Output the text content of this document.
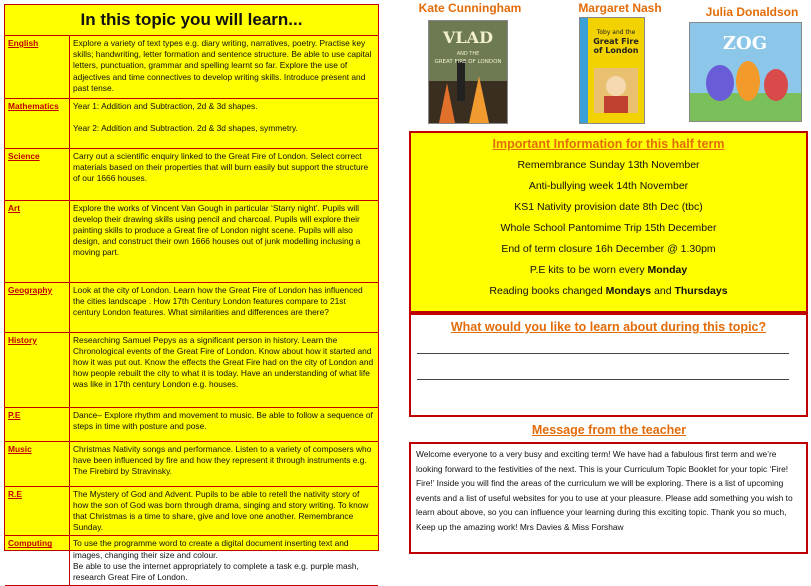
In this topic you will learn...
English	Explore a variety of text types e.g. diary writing, narratives, poetry. Practise key skills; handwriting, letter formation and sentence structure. Be able to use capital letters, punctuation, grammar and spelling learnt so far. Explore the use of adjectives and time connectives to develop writing skills. Introduce present and past tense.

Mathematics	Year 1: Addition and Subtraction, 2d & 3d shapes.
Year 2: Addition and Subtraction. 2d & 3d shapes, symmetry.

Science	Carry out a scientific enquiry linked to the Great Fire of London. Select correct materials based on their properties that will burn easily but support the structure of our 1666 houses.

Art	Explore the works of Vincent Van Gough in particular ‘Starry night’. Pupils will develop their drawing skills using pencil and charcoal. Pupils will explore their painting skills to produce a Great fire of London night scene. Pupils will also design, and construct their own 1666 houses out of junk modelling inclusing a moving part.

Geography	Look at the city of London. Learn how the Great Fire of London has influenced the cities landscape . How 17th Century London features compare to 21st century London features. What similarities and differences are there?

History	Researching Samuel Pepys as a significant person in history. Learn the Chronological events of the Great Fire of London. Know about how it started and how it was put out. Know the effects the Great Fire had on the city of London and how people rebuilt the city to what it is today. Have an understanding of what life was like in 17th century London e.g. houses.

P.E	Dance– Explore rhythm and movement to music. Be able to follow a sequence of steps in time with posture and pose.

Music	Christmas Nativity songs and performance. Listen to a variety of composers who have been influenced by fire and how they represent it through instruments e.g. The Firebird by Stravinsky.

R.E	The Mystery of God and Advent. Pupils to be able to retell the nativity story of how the son of God was born through drama, singing and story writing. To know that Christmas is a time to share, give and love one another. Remembrance Sunday.

Computing	To use the programme word to create a digital document inserting text and images, changing their size and colour.
Be able to use the internet appropriately to complete a task e.g. purple mash, research Great Fire of London.
Kate Cunningham	Margaret Nash	Julia Donaldson
VLAD
AND THE
GREAT FIRE OF LONDON
Toby and the
Great Fire
of London	ZOG
Important Information for this half term
Remembrance Sunday 13th November
Anti-bullying week 14th November
KS1 Nativity provision date 8th Dec (tbc)
Whole School Pantomime Trip 15th December
End of term closure 16h December @ 1.30pm
P.E kits to be worn every Monday
Reading books changed Mondays and Thursdays
What would you like to learn about during this topic?
Message from the teacher
Welcome everyone to a very busy and exciting term! We have had a fabulous first term and we’re looking forward to the festivities of the next. This is your Curriculum Topic Booklet for your topic ‘Fire! Fire!’ Inside you will find the areas of the curriculum we will be exploring. There is a list of upcoming events and a list of useful websites for you to use at your pleasure. Please add something you wish to learn about above, so you can influence your learning during this exciting topic. Thank you so much, Keep up the amazing work! Mrs Davies & Miss Forshaw
